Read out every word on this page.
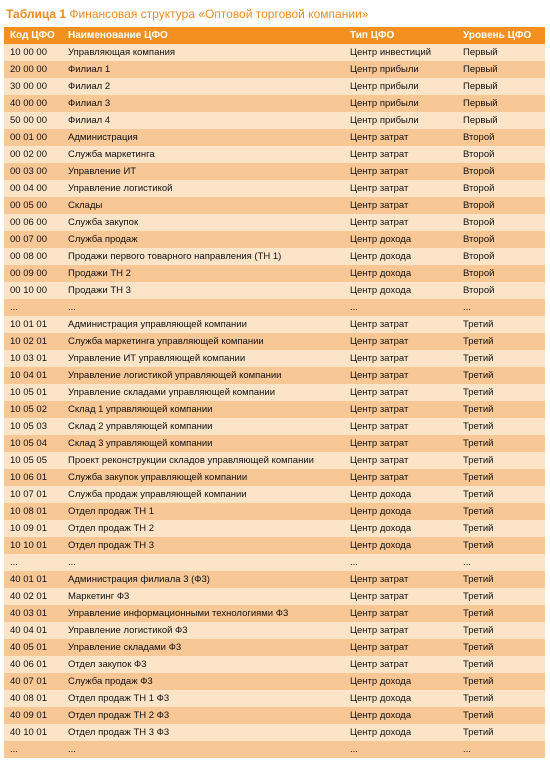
Таблица 1 Финансовая структура «Оптовой торговой компании»
Код ЦФО	Наименование ЦФО	Тип ЦФО	Уровень ЦФО
10 00 00	Управляющая компания	Центр инвестиций	Первый
20 00 00	Филиал 1	Центр прибыли	Первый
30 00 00	Филиал 2	Центр прибыли	Первый
40 00 00	Филиал 3	Центр прибыли	Первый
50 00 00	Филиал 4	Центр прибыли	Первый
00 01 00	Администрация	Центр затрат	Второй
00 02 00	Служба маркетинга	Центр затрат	Второй
00 03 00	Управление ИТ	Центр затрат	Второй
00 04 00	Управление логистикой	Центр затрат	Второй
00 05 00	Склады	Центр затрат	Второй
00 06 00	Служба закупок	Центр затрат	Второй
00 07 00	Служба продаж	Центр дохода	Второй
00 08 00	Продажи первого товарного направления (ТН 1)	Центр дохода	Второй
00 09 00	Продажи ТН 2	Центр дохода	Второй
00 10 00	Продажи ТН 3	Центр дохода	Второй
...	...	...	...
10 01 01	Администрация управляющей компании	Центр затрат	Третий
10 02 01	Служба маркетинга управляющей компании	Центр затрат	Третий
10 03 01	Управление ИТ управляющей компании	Центр затрат	Третий
10 04 01	Управление логистикой управляющей компании	Центр затрат	Третий
10 05 01	Управление складами управляющей компании	Центр затрат	Третий
10 05 02	Склад 1 управляющей компании	Центр затрат	Третий
10 05 03	Склад 2 управляющей компании	Центр затрат	Третий
10 05 04	Склад 3 управляющей компании	Центр затрат	Третий
10 05 05	Проект реконструкции складов управляющей компании	Центр затрат	Третий
10 06 01	Служба закупок управляющей компании	Центр затрат	Третий
10 07 01	Служба продаж управляющей компании	Центр дохода	Третий
10 08 01	Отдел продаж ТН 1	Центр дохода	Третий
10 09 01	Отдел продаж ТН 2	Центр дохода	Третий
10 10 01	Отдел продаж ТН 3	Центр дохода	Третий
...	...	...	...
40 01 01	Администрация филиала 3 (Ф3)	Центр затрат	Третий
40 02 01	Маркетинг Ф3	Центр затрат	Третий
40 03 01	Управление информационными технологиями Ф3	Центр затрат	Третий
40 04 01	Управление логистикой Ф3	Центр затрат	Третий
40 05 01	Управление складами Ф3	Центр затрат	Третий
40 06 01	Отдел закупок Ф3	Центр затрат	Третий
40 07 01	Служба продаж Ф3	Центр дохода	Третий
40 08 01	Отдел продаж ТН 1 Ф3	Центр дохода	Третий
40 09 01	Отдел продаж ТН 2 Ф3	Центр дохода	Третий
40 10 01	Отдел продаж ТН 3 Ф3	Центр дохода	Третий
...	...	...	...
